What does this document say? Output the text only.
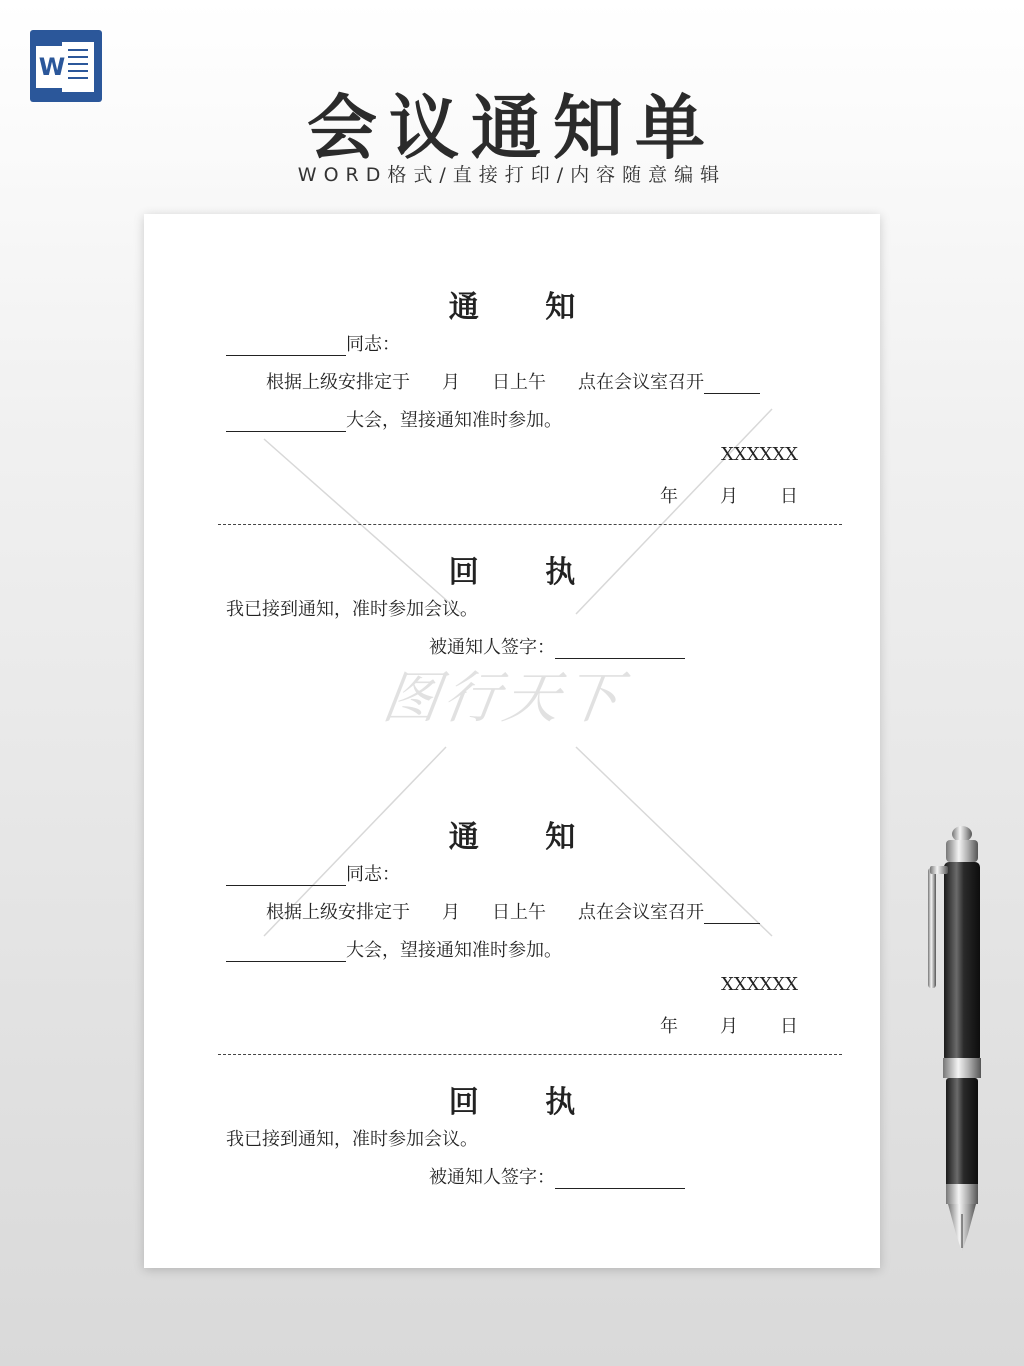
W
会议通知单
WORD格式/直接打印/内容随意编辑
图行天下
通 知
同志：
根据上级安排定于 月 日上午 点在会议室召开
大会，望接通知准时参加。
XXXXXX
年 月 日
回 执
我已接到通知，准时参加会议。
被通知人签字：
通 知
同志：
根据上级安排定于 月 日上午 点在会议室召开
大会，望接通知准时参加。
XXXXXX
年 月 日
回 执
我已接到通知，准时参加会议。
被通知人签字：
